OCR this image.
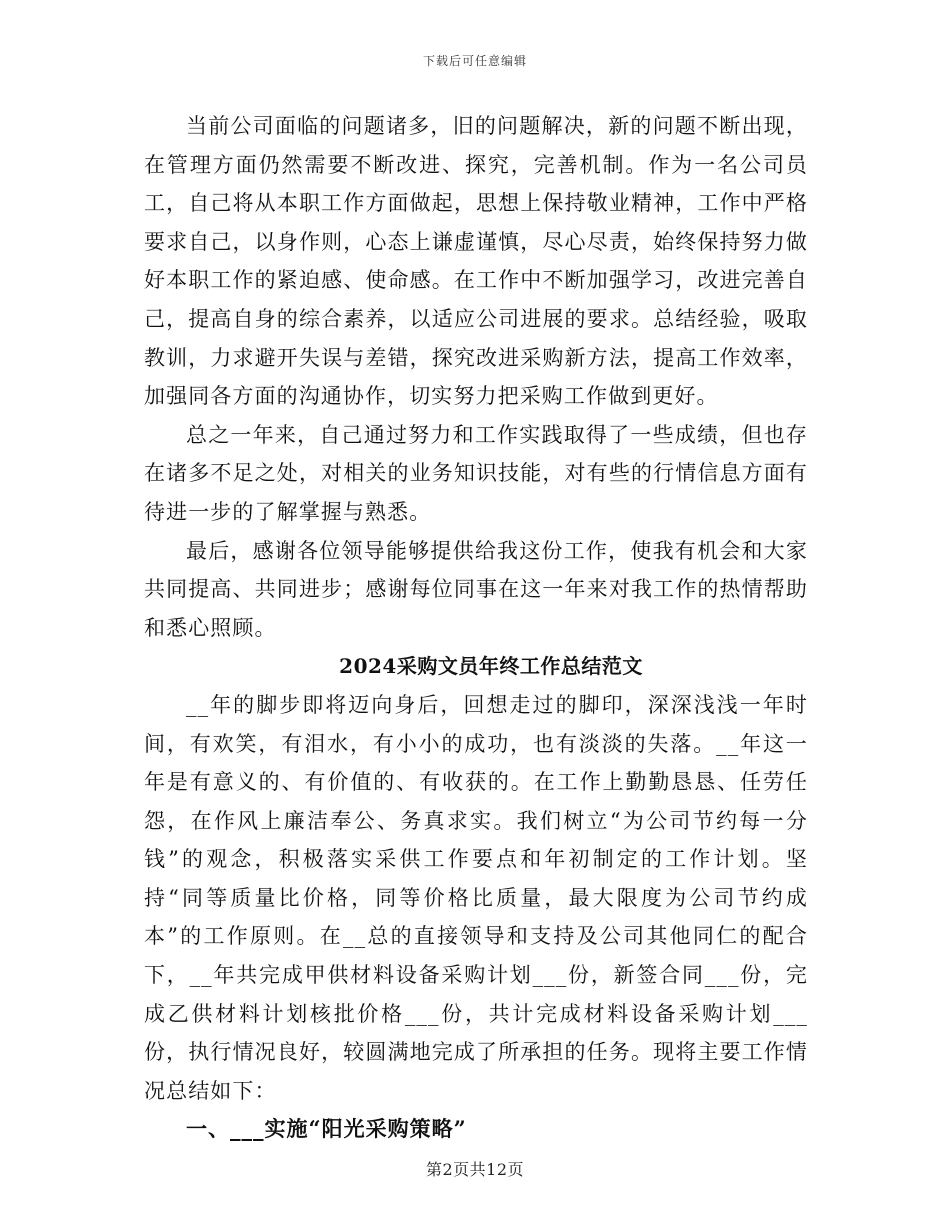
下载后可任意编辑

当前公司面临的问题诸多，旧的问题解决，新的问题不断出现，在管理方面仍然需要不断改进、探究，完善机制。作为一名公司员工，自己将从本职工作方面做起，思想上保持敬业精神，工作中严格要求自己，以身作则，心态上谦虚谨慎，尽心尽责，始终保持努力做好本职工作的紧迫感、使命感。在工作中不断加强学习，改进完善自己，提高自身的综合素养，以适应公司进展的要求。总结经验，吸取教训，力求避开失误与差错，探究改进采购新方法，提高工作效率，加强同各方面的沟通协作，切实努力把采购工作做到更好。

总之一年来，自己通过努力和工作实践取得了一些成绩，但也存在诸多不足之处，对相关的业务知识技能，对有些的行情信息方面有待进一步的了解掌握与熟悉。

最后，感谢各位领导能够提供给我这份工作，使我有机会和大家共同提高、共同进步；感谢每位同事在这一年来对我工作的热情帮助和悉心照顾。

2024采购文员年终工作总结范文

__年的脚步即将迈向身后，回想走过的脚印，深深浅浅一年时间，有欢笑，有泪水，有小小的成功，也有淡淡的失落。__年这一年是有意义的、有价值的、有收获的。在工作上勤勤恳恳、任劳任怨，在作风上廉洁奉公、务真求实。我们树立“为公司节约每一分钱”的观念，积极落实采供工作要点和年初制定的工作计划。坚持“同等质量比价格，同等价格比质量，最大限度为公司节约成本”的工作原则。在__总的直接领导和支持及公司其他同仁的配合下，__年共完成甲供材料设备采购计划___份，新签合同___份，完成乙供材料计划核批价格___份，共计完成材料设备采购计划___份，执行情况良好，较圆满地完成了所承担的任务。现将主要工作情况总结如下：

一、___实施“阳光采购策略”

第2页共12页
